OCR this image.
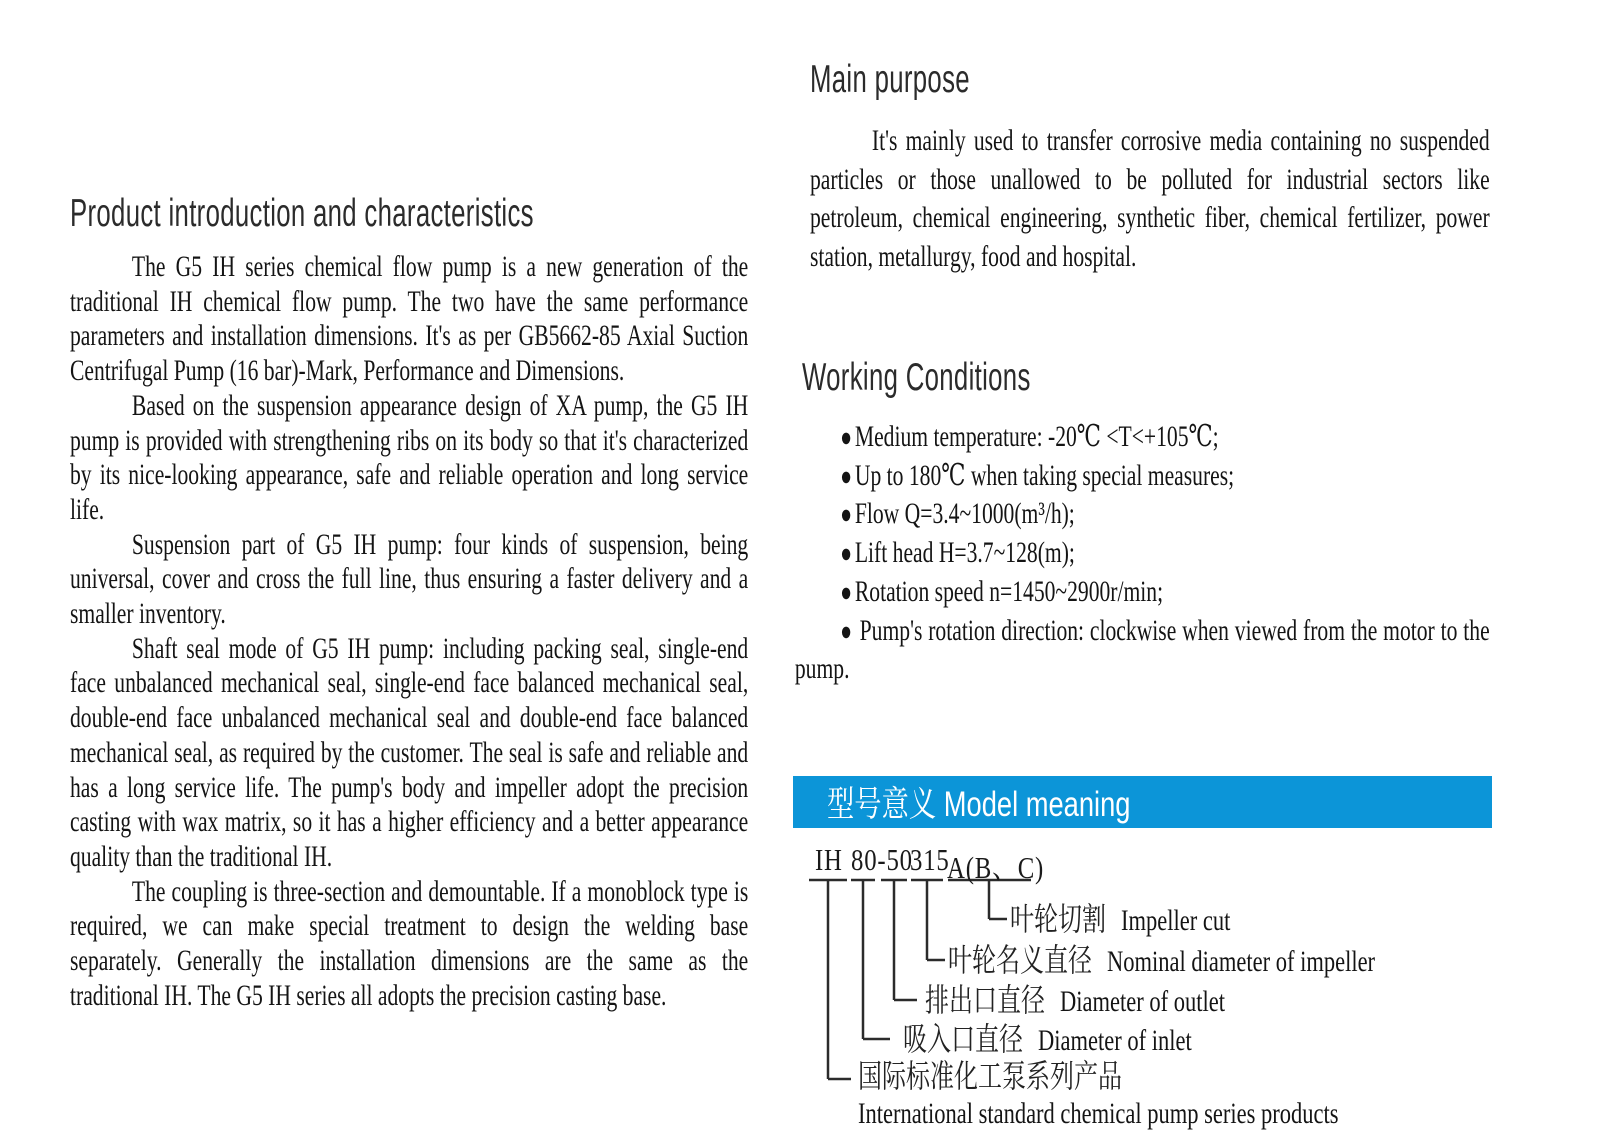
Product introduction and characteristics

The G5 IH series chemical flow pump is a new generation of the traditional IH chemical flow pump. The two have the same performance parameters and installation dimensions. It's as per GB5662-85 Axial Suction Centrifugal Pump (16 bar)-Mark, Performance and Dimensions.

Based on the suspension appearance design of XA pump, the G5 IH pump is provided with strengthening ribs on its body so that it's characterized by its nice-looking appearance, safe and reliable operation and long service life.

Suspension part of G5 IH pump: four kinds of suspension, being universal, cover and cross the full line, thus ensuring a faster delivery and a smaller inventory.

Shaft seal mode of G5 IH pump: including packing seal, single-end face unbalanced mechanical seal, single-end face balanced mechanical seal, double-end face unbalanced mechanical seal and double-end face balanced mechanical seal, as required by the customer. The seal is safe and reliable and has a long service life. The pump's body and impeller adopt the precision casting with wax matrix, so it has a higher efficiency and a better appearance quality than the traditional IH.

The coupling is three-section and demountable. If a monoblock type is required, we can make special treatment to design the welding base separately. Generally the installation dimensions are the same as the traditional IH. The G5 IH series all adopts the precision casting base.

Main purpose

It's mainly used to transfer corrosive media containing no suspended particles or those unallowed to be polluted for industrial sectors like petroleum, chemical engineering, synthetic fiber, chemical fertilizer, power station, metallurgy, food and hospital.

Working Conditions
●Medium temperature: -20℃ <T<+105℃;
●Up to 180℃ when taking special measures;
●Flow Q=3.4~1000(m³/h);
●Lift head H=3.7~128(m);
●Rotation speed n=1450~2900r/min;
●Pump's rotation direction: clockwise when viewed from the motor to the pump.
型号意义 Model meaning
IH 80-50
315
A(B、C)
叶轮切割 Impeller cut
叶轮名义直径 Nominal diameter of impeller
排出口直径 Diameter of outlet
吸入口直径 Diameter of inlet
国际标准化工泵系列产品
International standard chemical pump series products
